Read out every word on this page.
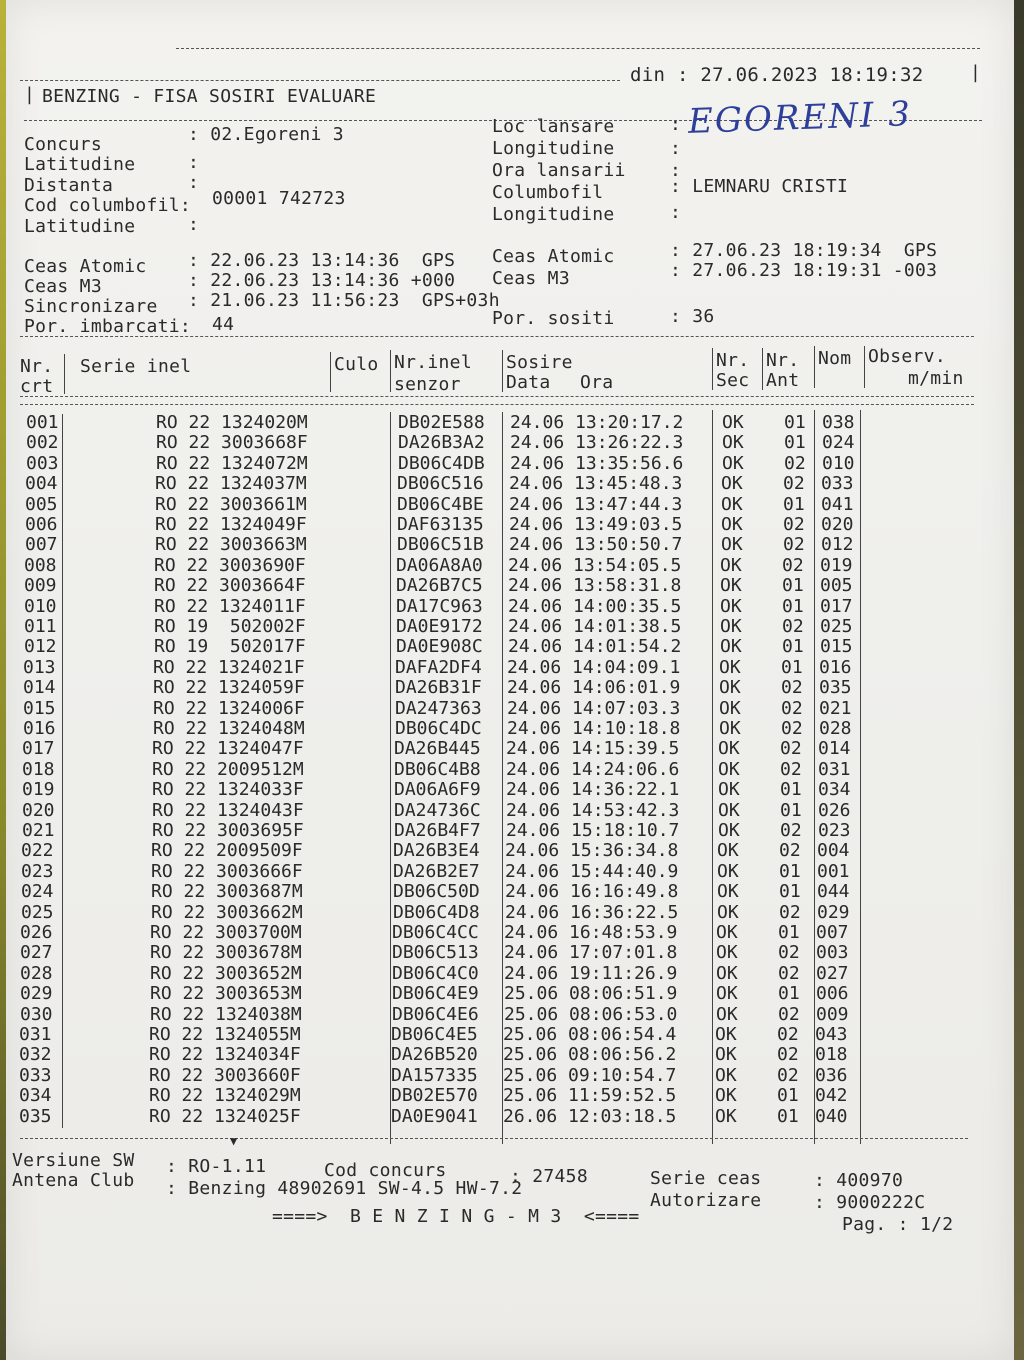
| BENZING - FISA SOSIRI EVALUARE
din : 27.06.2023 18:19:32	|
Concurs	: 02.Egoreni 3
Latitudine	:
Distanta	:
Cod columbofil: 00001 742723
Latitudine	:
Loc lansare	: EGORENI 3
Longitudine	:
Ora lansarii :
Columbofil	: LEMNARU CRISTI
Longitudine	:
Ceas Atomic : 22.06.23 13:14:36  GPS
Ceas M3	: 22.06.23 13:14:36 +000
Sincronizare : 21.06.23 11:56:23  GPS+03h
Por. imbarcati: 44
Ceas Atomic	: 27.06.23 18:19:34  GPS
Ceas M3	: 27.06.23 18:19:31 -003
Por. sositi	: 36
Nr.
crt
Serie inel	Culo Nr.inel
senzor
Sosire
Data Ora
Nr.
Sec
Nr.
Ant
Nom Observ.
m/min
001	RO 22 1324020M	DB02E588 24.06 13:20:17.2 OK 01 038
002	RO 22 3003668F	DA26B3A2 24.06 13:26:22.3 OK 01 024
003	RO 22 1324072M	DB06C4DB 24.06 13:35:56.6 OK 02 010
004	RO 22 1324037M	DB06C516 24.06 13:45:48.3 OK 02 033
005	RO 22 3003661M	DB06C4BE 24.06 13:47:44.3 OK 01 041
006	RO 22 1324049F	DAF63135 24.06 13:49:03.5 OK 02 020
007	RO 22 3003663M	DB06C51B 24.06 13:50:50.7 OK 02 012
008	RO 22 3003690F	DA06A8A0 24.06 13:54:05.5 OK 02 019
009	RO 22 3003664F	DA26B7C5 24.06 13:58:31.8 OK 01 005
010	RO 22 1324011F	DA17C963 24.06 14:00:35.5 OK 01 017
011	RO 19  502002F	DA0E9172 24.06 14:01:38.5 OK 02 025
012	RO 19  502017F	DA0E908C 24.06 14:01:54.2 OK 01 015
013	RO 22 1324021F	DAFA2DF4 24.06 14:04:09.1 OK 01 016
014	RO 22 1324059F	DA26B31F 24.06 14:06:01.9 OK 02 035
015	RO 22 1324006F	DA247363 24.06 14:07:03.3 OK 02 021
016	RO 22 1324048M	DB06C4DC 24.06 14:10:18.8 OK 02 028
017	RO 22 1324047F	DA26B445 24.06 14:15:39.5 OK 02 014
018	RO 22 2009512M	DB06C4B8 24.06 14:24:06.6 OK 02 031
019	RO 22 1324033F	DA06A6F9 24.06 14:36:22.1 OK 01 034
020	RO 22 1324043F	DA24736C 24.06 14:53:42.3 OK 01 026
021	RO 22 3003695F	DA26B4F7 24.06 15:18:10.7 OK 02 023
022	RO 22 2009509F	DA26B3E4 24.06 15:36:34.8 OK 02 004
023	RO 22 3003666F	DA26B2E7 24.06 15:44:40.9 OK 01 001
024	RO 22 3003687M	DB06C50D 24.06 16:16:49.8 OK 01 044
025	RO 22 3003662M	DB06C4D8 24.06 16:36:22.5 OK 02 029
026	RO 22 3003700M	DB06C4CC 24.06 16:48:53.9 OK 01 007
027	RO 22 3003678M	DB06C513 24.06 17:07:01.8 OK 02 003
028	RO 22 3003652M	DB06C4C0 24.06 19:11:26.9 OK 02 027
029	RO 22 3003653M	DB06C4E9 25.06 08:06:51.9 OK 01 006
030	RO 22 1324038M	DB06C4E6 25.06 08:06:53.0 OK 02 009
031	RO 22 1324055M	DB06C4E5 25.06 08:06:54.4 OK 02 043
032	RO 22 1324034F	DA26B520 25.06 08:06:56.2 OK 02 018
033	RO 22 3003660F	DA157335 25.06 09:10:54.7 OK 02 036
034	RO 22 1324029M	DB02E570 25.06 11:59:52.5 OK 01 042
035	RO 22 1324025F	DA0E9041 26.06 12:03:18.5 OK 01 040
▼
Versiune SW : RO-1.11	Cod concurs	: 27458	Serie ceas	: 400970
Antena Club : Benzing 48902691 SW-4.5 HW-7.2
Autorizare	: 9000222C
====>  B E N Z I N G - M 3  <====	Pag. : 1/2
